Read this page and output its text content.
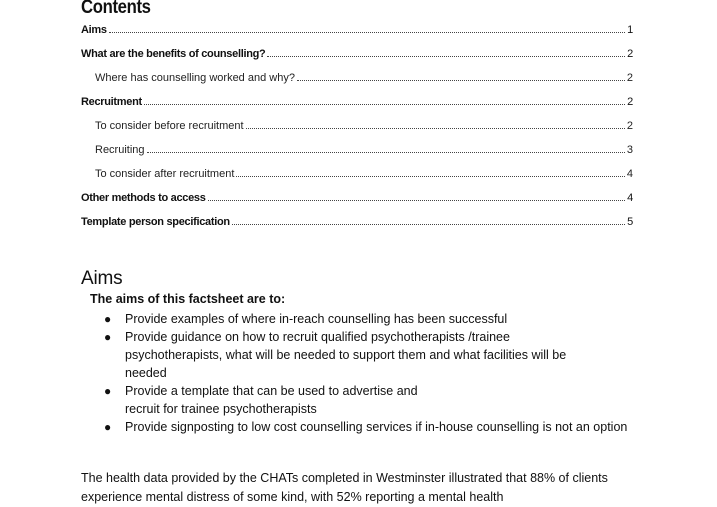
Contents
Aims	1
What are the benefits of counselling?	2
Where has counselling worked and why?	2
Recruitment	2
To consider before recruitment	2
Recruiting	3
To consider after recruitment	4
Other methods to access	4
Template person specification	5
Aims
The aims of this factsheet are to:
● Provide examples of where in-reach counselling has been successful
● Provide guidance on how to recruit qualified psychotherapists /trainee psychotherapists, what will be needed to support them and what facilities will be needed
● Provide a template that can be used to advertise and recruit for trainee psychotherapists
● Provide signposting to low cost counselling services if in-house counselling is not an option
The health data provided by the CHATs completed in Westminster illustrated that 88% of clients experience mental distress of some kind, with 52% reporting a mental health
